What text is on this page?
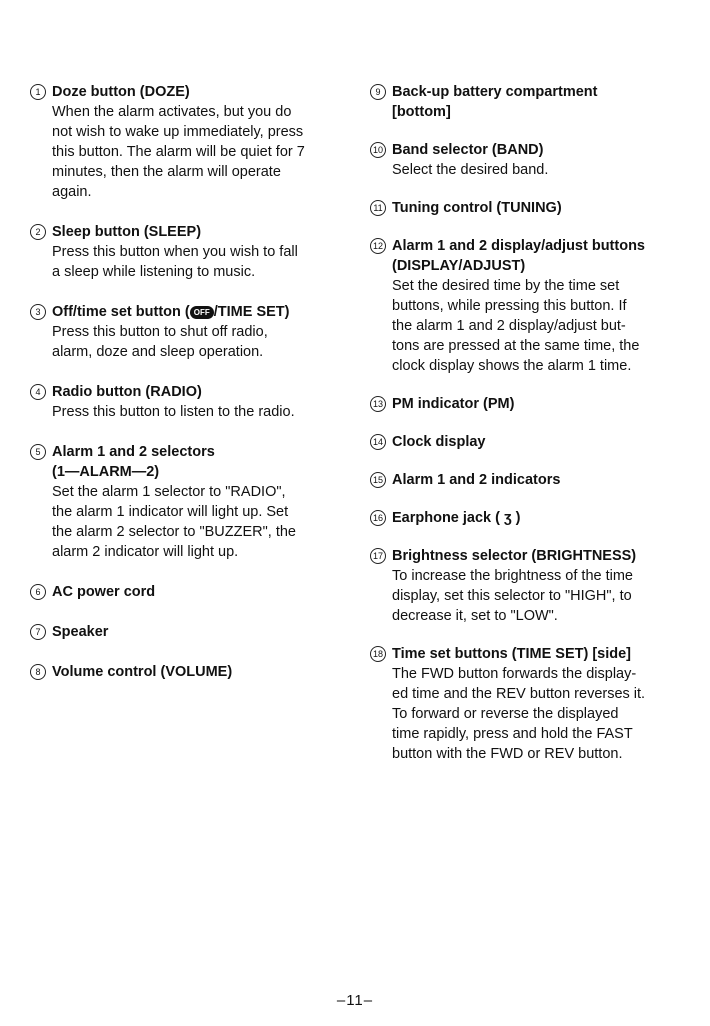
1 Doze button (DOZE)

When the alarm activates, but you do

not wish to wake up immediately, press

this button. The alarm will be quiet for 7

minutes, then the alarm will operate

again.

2 Sleep button (SLEEP)

Press this button when you wish to fall

a sleep while listening to music.

3 Off/time set button ( OFF /TIME SET)

Press this button to shut off radio,

alarm, doze and sleep operation.

4 Radio button (RADIO)

Press this button to listen to the radio.

5 Alarm 1 and 2 selectors

(1—ALARM—2)

Set the alarm 1 selector to "RADIO",

the alarm 1 indicator will light up. Set

the alarm 2 selector to "BUZZER", the

alarm 2 indicator will light up.

6 AC power cord

7 Speaker

8 Volume control (VOLUME)

9 Back-up battery compartment

[bottom]

10 Band selector (BAND)

Select the desired band.

11 Tuning control (TUNING)

12 Alarm 1 and 2 display/adjust buttons

(DISPLAY/ADJUST)

Set the desired time by the time set

buttons, while pressing this button. If

the alarm 1 and 2 display/adjust but-

tons are pressed at the same time, the

clock display shows the alarm 1 time.

13 PM indicator (PM)

14 Clock display

15 Alarm 1 and 2 indicators

16 Earphone jack ( ʒ )

17 Brightness selector (BRIGHTNESS)

To increase the brightness of the time

display, set this selector to "HIGH", to

decrease it, set to "LOW".

18 Time set buttons (TIME SET) [side]

The FWD button forwards the display-

ed time and the REV button reverses it.

To forward or reverse the displayed

time rapidly, press and hold the FAST

button with the FWD or REV button.

–11–
